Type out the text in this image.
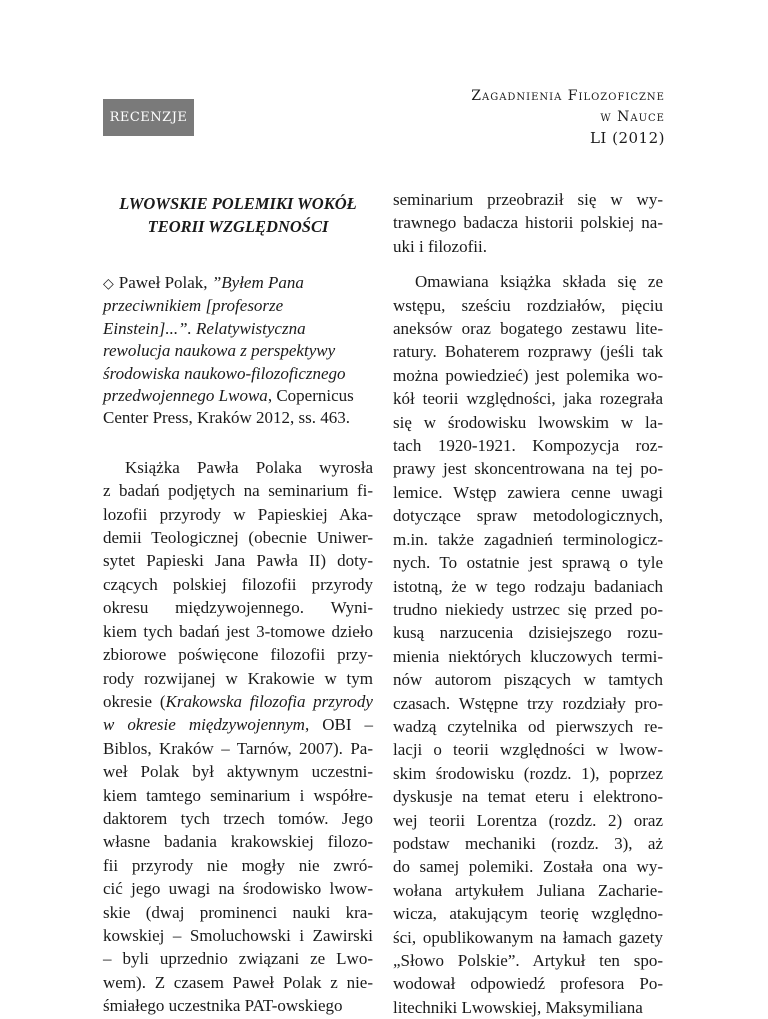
RECENZJE
Zagadnienia Filozoficzne
w Nauce
LI (2012)
LWOWSKIE POLEMIKI WOKÓŁ
TEORII WZGLĘDNOŚCI
◇ Paweł Polak, ”Byłem Pana przeciwnikiem [profesorze Einstein]...”. Relatywistyczna rewolucja naukowa z perspektywy środowiska naukowo-filozoficznego przedwojennego Lwowa, Copernicus Center Press, Kraków 2012, ss. 463.
Książka Pawła Polaka wyrosła
z badań podjętych na seminarium fi-
lozofii przyrody w Papieskiej Aka-
demii Teologicznej (obecnie Uniwer-
sytet Papieski Jana Pawła II) doty-
czących polskiej filozofii przyrody
okresu międzywojennego. Wyni-
kiem tych badań jest 3-tomowe dzieło
zbiorowe poświęcone filozofii przy-
rody rozwijanej w Krakowie w tym
okresie (Krakowska filozofia przyrody
w okresie międzywojennym, OBI –
Biblos, Kraków – Tarnów, 2007). Pa-
weł Polak był aktywnym uczestni-
kiem tamtego seminarium i współre-
daktorem tych trzech tomów. Jego
własne badania krakowskiej filozo-
fii przyrody nie mogły nie zwró-
cić jego uwagi na środowisko lwow-
skie (dwaj prominenci nauki kra-
kowskiej – Smoluchowski i Zawirski
– byli uprzednio związani ze Lwo-
wem). Z czasem Paweł Polak z nie-
śmiałego uczestnika PAT-owskiego
seminarium przeobraził się w wy-
trawnego badacza historii polskiej na-
uki i filozofii.
Omawiana książka składa się ze
wstępu, sześciu rozdziałów, pięciu
aneksów oraz bogatego zestawu lite-
ratury. Bohaterem rozprawy (jeśli tak
można powiedzieć) jest polemika wo-
kół teorii względności, jaka rozegrała
się w środowisku lwowskim w la-
tach 1920-1921. Kompozycja roz-
prawy jest skoncentrowana na tej po-
lemice. Wstęp zawiera cenne uwagi
dotyczące spraw metodologicznych,
m.in. także zagadnień terminologicz-
nych. To ostatnie jest sprawą o tyle
istotną, że w tego rodzaju badaniach
trudno niekiedy ustrzec się przed po-
kusą narzucenia dzisiejszego rozu-
mienia niektórych kluczowych termi-
nów autorom piszących w tamtych
czasach. Wstępne trzy rozdziały pro-
wadzą czytelnika od pierwszych re-
lacji o teorii względności w lwow-
skim środowisku (rozdz. 1), poprzez
dyskusje na temat eteru i elektrono-
wej teorii Lorentza (rozdz. 2) oraz
podstaw mechaniki (rozdz. 3), aż
do samej polemiki. Została ona wy-
wołana artykułem Juliana Zacharie-
wicza, atakującym teorię względno-
ści, opublikowanym na łamach gazety
„Słowo Polskie”. Artykuł ten spo-
wodował odpowiedź profesora Po-
litechniki Lwowskiej, Maksymiliana
